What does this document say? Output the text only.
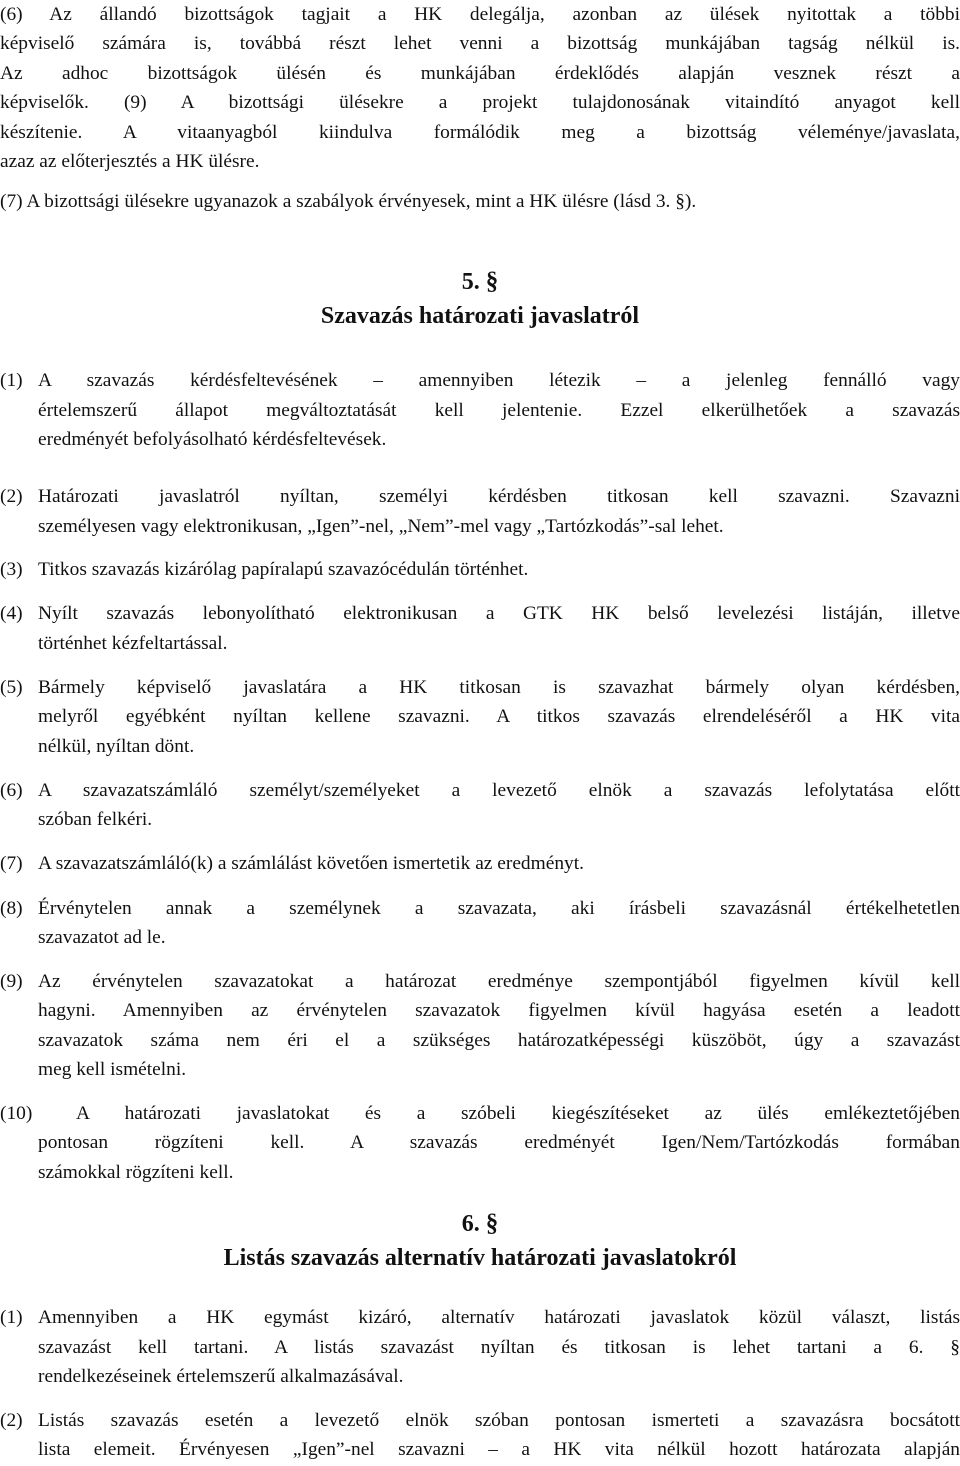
(6) Az állandó bizottságok tagjait a HK delegálja, azonban az ülések nyitottak a többi
képviselő számára is, továbbá részt lehet venni a bizottság munkájában tagság nélkül is.
Az adhoc bizottságok ülésén és munkájában érdeklődés alapján vesznek részt a
képviselők. (9) A bizottsági ülésekre a projekt tulajdonosának vitaindító anyagot kell
készítenie. A vitaanyagból kiindulva formálódik meg a bizottság véleménye/javaslata,
azaz az előterjesztés a HK ülésre.
(7) A bizottsági ülésekre ugyanazok a szabályok érvényesek, mint a HK ülésre (lásd 3. §).
5. §
Szavazás határozati javaslatról
(1) A szavazás kérdésfeltevésének – amennyiben létezik – a jelenleg fennálló vagy
értelemszerű állapot megváltoztatását kell jelentenie. Ezzel elkerülhetőek a szavazás
eredményét befolyásolható kérdésfeltevések.
(2) Határozati javaslatról nyíltan, személyi kérdésben titkosan kell szavazni. Szavazni
személyesen vagy elektronikusan, „Igen”-nel, „Nem”-mel vagy „Tartózkodás”-sal lehet.
(3) Titkos szavazás kizárólag papíralapú szavazócédulán történhet.
(4) Nyílt szavazás lebonyolítható elektronikusan a GTK HK belső levelezési listáján, illetve
történhet kézfeltartással.
(5) Bármely képviselő javaslatára a HK titkosan is szavazhat bármely olyan kérdésben,
melyről egyébként nyíltan kellene szavazni. A titkos szavazás elrendeléséről a HK vita
nélkül, nyíltan dönt.
(6) A szavazatszámláló személyt/személyeket a levezető elnök a szavazás lefolytatása előtt
szóban felkéri.
(7) A szavazatszámláló(k) a számlálást követően ismertetik az eredményt.
(8) Érvénytelen annak a személynek a szavazata, aki írásbeli szavazásnál értékelhetetlen
szavazatot ad le.
(9) Az érvénytelen szavazatokat a határozat eredménye szempontjából figyelmen kívül kell
hagyni. Amennyiben az érvénytelen szavazatok figyelmen kívül hagyása esetén a leadott
szavazatok száma nem éri el a szükséges határozatképességi küszöböt, úgy a szavazást
meg kell ismételni.
(10) A határozati javaslatokat és a szóbeli kiegészítéseket az ülés emlékeztetőjében
pontosan rögzíteni kell. A szavazás eredményét Igen/Nem/Tartózkodás formában
számokkal rögzíteni kell.
6. §
Listás szavazás alternatív határozati javaslatokról
(1) Amennyiben a HK egymást kizáró, alternatív határozati javaslatok közül választ, listás
szavazást kell tartani. A listás szavazást nyíltan és titkosan is lehet tartani a 6. §
rendelkezéseinek értelemszerű alkalmazásával.
(2) Listás szavazás esetén a levezető elnök szóban pontosan ismerteti a szavazásra bocsátott
lista elemeit. Érvényesen „Igen”-nel szavazni – a HK vita nélkül hozott határozata alapján
